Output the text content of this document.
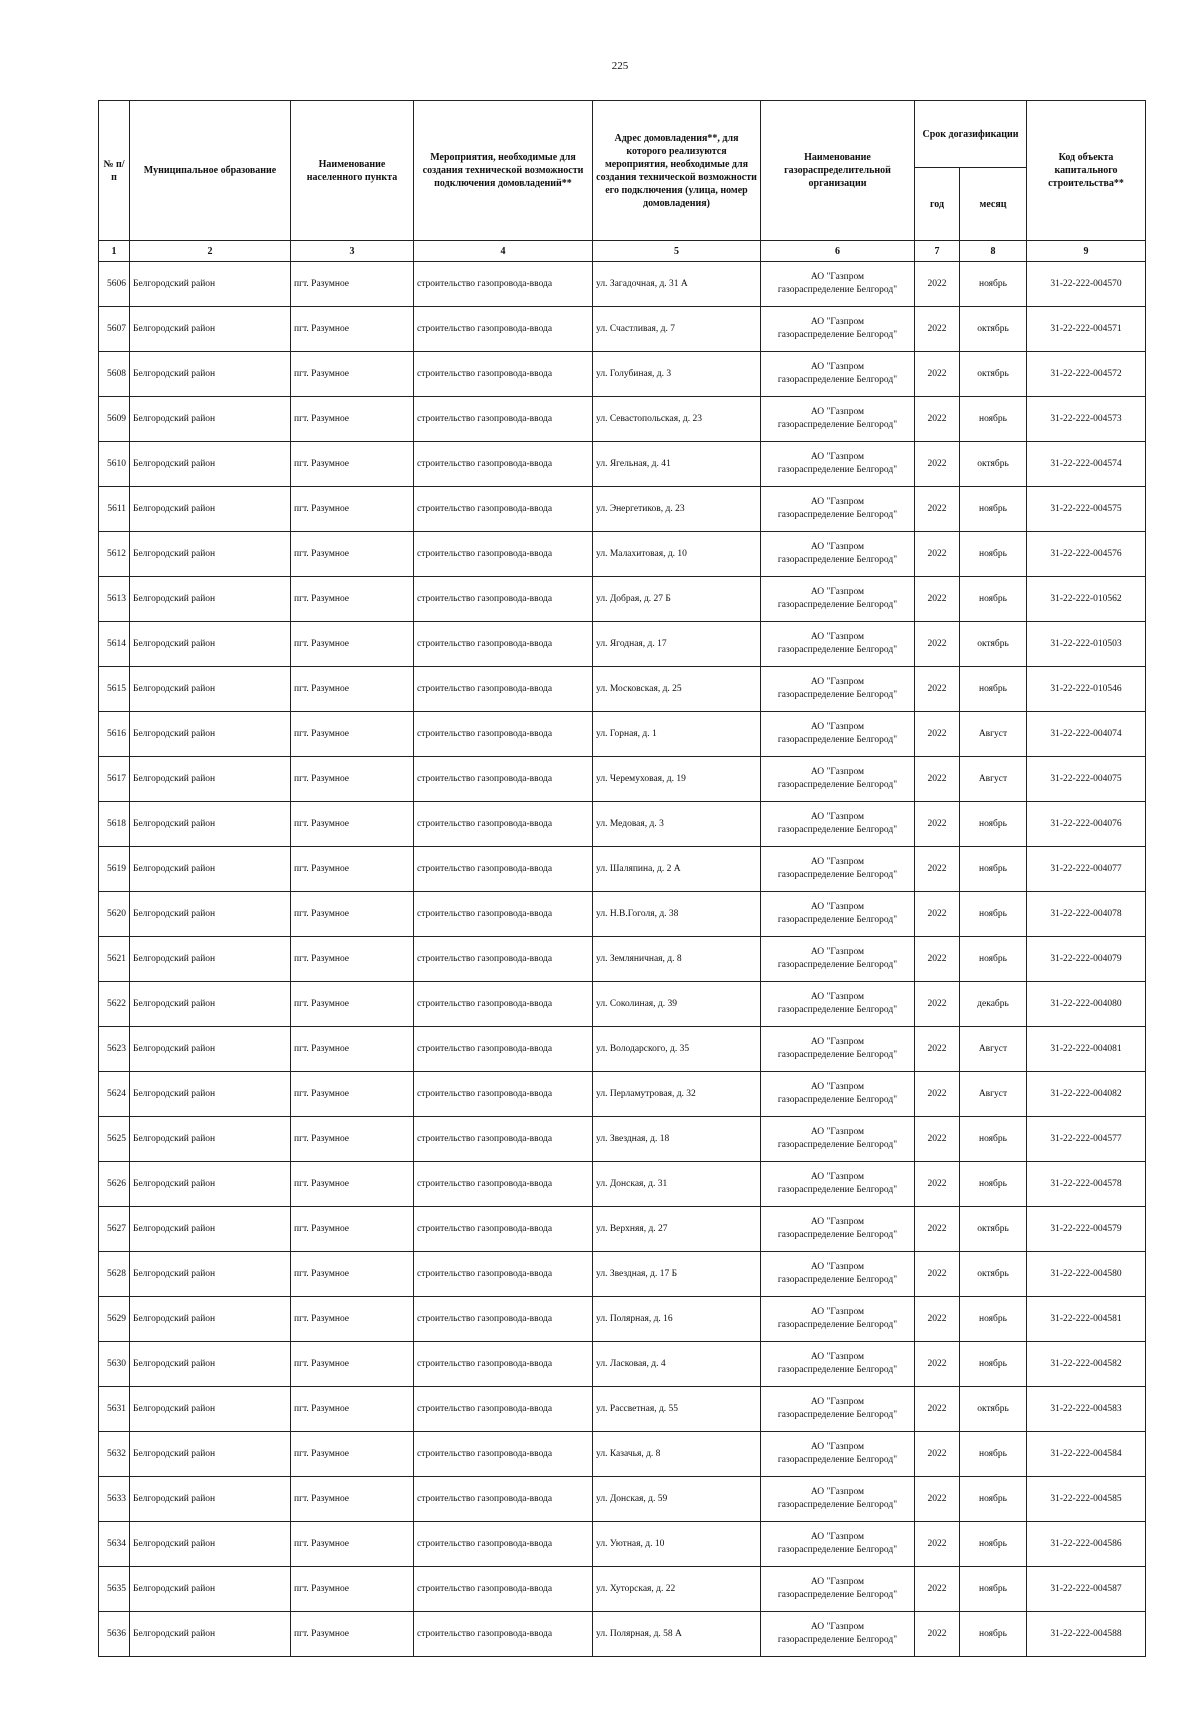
225
№ п/п	Муниципальное образование	Наименование населенного пункта	Мероприятия, необходимые для создания технической возможности подключения домовладений**	Адрес домовладения**, для которого реализуются мероприятия, необходимые для создания технической возможности его подключения (улица, номер домовладения)	Наименование газораспределительной организации	Срок догазификации		Код объекта капитального строительства**
						год	месяц	
1	2	3	4	5	6	7	8	9
5606	Белгородский район	пгт. Разумное	строительство газопровода-ввода	ул. Загадочная, д. 31 А	АО "Газпром
газораспределение Белгород"	2022	ноябрь	31-22-222-004570
5607	Белгородский район	пгт. Разумное	строительство газопровода-ввода	ул. Счастливая, д. 7	АО "Газпром
газораспределение Белгород"	2022	октябрь	31-22-222-004571
5608	Белгородский район	пгт. Разумное	строительство газопровода-ввода	ул. Голубиная, д. 3	АО "Газпром
газораспределение Белгород"	2022	октябрь	31-22-222-004572
5609	Белгородский район	пгт. Разумное	строительство газопровода-ввода	ул. Севастопольская, д. 23	АО "Газпром
газораспределение Белгород"	2022	ноябрь	31-22-222-004573
5610	Белгородский район	пгт. Разумное	строительство газопровода-ввода	ул. Ягельная, д. 41	АО "Газпром
газораспределение Белгород"	2022	октябрь	31-22-222-004574
5611	Белгородский район	пгт. Разумное	строительство газопровода-ввода	ул. Энергетиков, д. 23	АО "Газпром
газораспределение Белгород"	2022	ноябрь	31-22-222-004575
5612	Белгородский район	пгт. Разумное	строительство газопровода-ввода	ул. Малахитовая, д. 10	АО "Газпром
газораспределение Белгород"	2022	ноябрь	31-22-222-004576
5613	Белгородский район	пгт. Разумное	строительство газопровода-ввода	ул. Добрая, д. 27 Б	АО "Газпром
газораспределение Белгород"	2022	ноябрь	31-22-222-010562
5614	Белгородский район	пгт. Разумное	строительство газопровода-ввода	ул. Ягодная, д. 17	АО "Газпром
газораспределение Белгород"	2022	октябрь	31-22-222-010503
5615	Белгородский район	пгт. Разумное	строительство газопровода-ввода	ул. Московская, д. 25	АО "Газпром
газораспределение Белгород"	2022	ноябрь	31-22-222-010546
5616	Белгородский район	пгт. Разумное	строительство газопровода-ввода	ул. Горная, д. 1	АО "Газпром
газораспределение Белгород"	2022	Август	31-22-222-004074
5617	Белгородский район	пгт. Разумное	строительство газопровода-ввода	ул. Черемуховая, д. 19	АО "Газпром
газораспределение Белгород"	2022	Август	31-22-222-004075
5618	Белгородский район	пгт. Разумное	строительство газопровода-ввода	ул. Медовая, д. 3	АО "Газпром
газораспределение Белгород"	2022	ноябрь	31-22-222-004076
5619	Белгородский район	пгт. Разумное	строительство газопровода-ввода	ул. Шаляпина, д. 2 А	АО "Газпром
газораспределение Белгород"	2022	ноябрь	31-22-222-004077
5620	Белгородский район	пгт. Разумное	строительство газопровода-ввода	ул. Н.В.Гоголя, д. 38	АО "Газпром
газораспределение Белгород"	2022	ноябрь	31-22-222-004078
5621	Белгородский район	пгт. Разумное	строительство газопровода-ввода	ул. Земляничная, д. 8	АО "Газпром
газораспределение Белгород"	2022	ноябрь	31-22-222-004079
5622	Белгородский район	пгт. Разумное	строительство газопровода-ввода	ул. Соколиная, д. 39	АО "Газпром
газораспределение Белгород"	2022	декабрь	31-22-222-004080
5623	Белгородский район	пгт. Разумное	строительство газопровода-ввода	ул. Володарского, д. 35	АО "Газпром
газораспределение Белгород"	2022	Август	31-22-222-004081
5624	Белгородский район	пгт. Разумное	строительство газопровода-ввода	ул. Перламутровая, д. 32	АО "Газпром
газораспределение Белгород"	2022	Август	31-22-222-004082
5625	Белгородский район	пгт. Разумное	строительство газопровода-ввода	ул. Звездная, д. 18	АО "Газпром
газораспределение Белгород"	2022	ноябрь	31-22-222-004577
5626	Белгородский район	пгт. Разумное	строительство газопровода-ввода	ул. Донская, д. 31	АО "Газпром
газораспределение Белгород"	2022	ноябрь	31-22-222-004578
5627	Белгородский район	пгт. Разумное	строительство газопровода-ввода	ул. Верхняя, д. 27	АО "Газпром
газораспределение Белгород"	2022	октябрь	31-22-222-004579
5628	Белгородский район	пгт. Разумное	строительство газопровода-ввода	ул. Звездная, д. 17 Б	АО "Газпром
газораспределение Белгород"	2022	октябрь	31-22-222-004580
5629	Белгородский район	пгт. Разумное	строительство газопровода-ввода	ул. Полярная, д. 16	АО "Газпром
газораспределение Белгород"	2022	ноябрь	31-22-222-004581
5630	Белгородский район	пгт. Разумное	строительство газопровода-ввода	ул. Ласковая, д. 4	АО "Газпром
газораспределение Белгород"	2022	ноябрь	31-22-222-004582
5631	Белгородский район	пгт. Разумное	строительство газопровода-ввода	ул. Рассветная, д. 55	АО "Газпром
газораспределение Белгород"	2022	октябрь	31-22-222-004583
5632	Белгородский район	пгт. Разумное	строительство газопровода-ввода	ул. Казачья, д. 8	АО "Газпром
газораспределение Белгород"	2022	ноябрь	31-22-222-004584
5633	Белгородский район	пгт. Разумное	строительство газопровода-ввода	ул. Донская, д. 59	АО "Газпром
газораспределение Белгород"	2022	ноябрь	31-22-222-004585
5634	Белгородский район	пгт. Разумное	строительство газопровода-ввода	ул. Уютная, д. 10	АО "Газпром
газораспределение Белгород"	2022	ноябрь	31-22-222-004586
5635	Белгородский район	пгт. Разумное	строительство газопровода-ввода	ул. Хуторская, д. 22	АО "Газпром
газораспределение Белгород"	2022	ноябрь	31-22-222-004587
5636	Белгородский район	пгт. Разумное	строительство газопровода-ввода	ул. Полярная, д. 58 А	АО "Газпром
газораспределение Белгород"	2022	ноябрь	31-22-222-004588
